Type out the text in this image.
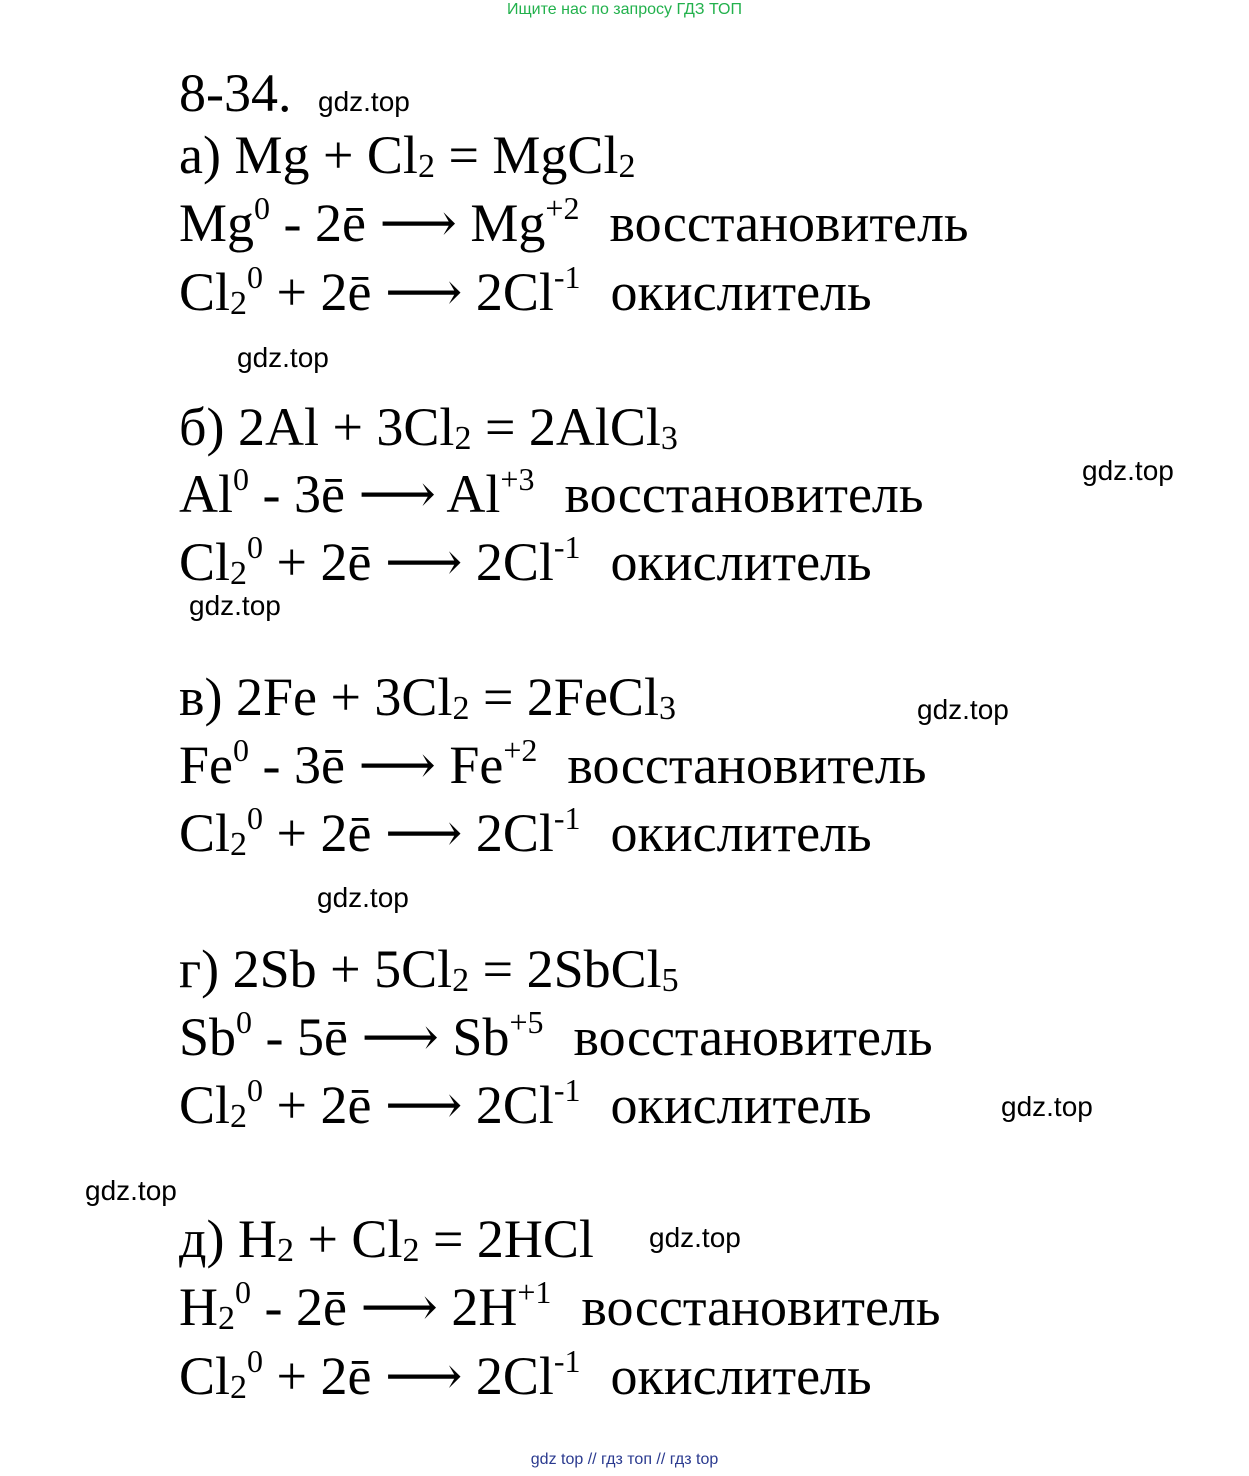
Ищите нас по запросу ГДЗ ТОП
8-34. gdz.top
а) $Mg + Cl_2$ = MgCl$_2$
Mg$^0$ - 2ē ⟶ $Mg^{+2}$ восстановитель
$Cl_2^0$ + 2ē ⟶ $2Cl^{-1}$ окислитель
gdz.top
б) $2Al + 3Cl_2$ = 2AlCl$_3$
gdz.top
Al$^0$ - 3ē ⟶ $Al^{+3}$ восстановитель
$Cl_2^0$ + 2ē ⟶ $2Cl^{-1}$ окислитель
gdz.top
в) $2Fe + 3Cl_2$ = 2FeCl$_3$	gdz.top
Fe$^0$ - 3ē ⟶ $Fe^{+2}$ восстановитель
$Cl_2^0$ + 2ē ⟶ $2Cl^{-1}$ окислитель
gdz.top
г) $2Sb + 5Cl_2$ = 2SbCl$_5$
Sb$^0$ - 5ē ⟶ $Sb^{+5}$ восстановитель
$Cl_2^0$ + 2ē ⟶ $2Cl^{-1}$ окислитель	gdz.top
gdz.top
д) $H_2 + Cl_2 = 2HCl$ gdz.top
$H_2^0$ - 2ē ⟶ $2H^{+1}$ восстановитель
$Cl_2^0$ + 2ē ⟶ $2Cl^{-1}$ окислитель
gdz top // гдз топ // гдз top
